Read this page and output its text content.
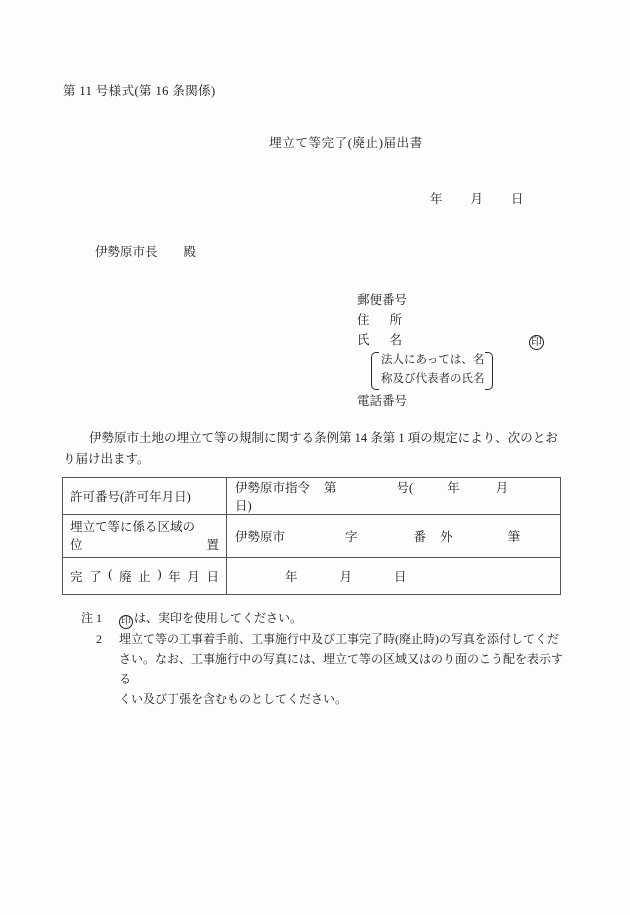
第 11 号様式(第 16 条関係)
埋立て等完了(廃止)届出書
年 月 日
伊勢原市長 殿
郵便番号
住 所
氏 名	印
法人にあっては、名
称及び代表者の氏名
電話番号
伊勢原市土地の埋立て等の規制に関する条例第 14 条第 1 項の規定により、次のとおり届け出ます。
許可番号(許可年月日)	伊勢原市指令 第 号( 年 月日)

埋立て等に係る区域の
位 置	伊勢原市 字 番 外 筆

完 了 ( 廃 止 ) 年 月 日	年	月	日
注 1	印 は、実印を使用してください。
2	埋立て等の工事着手前、工事施行中及び工事完了時(廃止時)の写真を添付してくだ
さい。なお、工事施行中の写真には、埋立て等の区域又はのり面のこう配を表示する
くい及び丁張を含むものとしてください。
